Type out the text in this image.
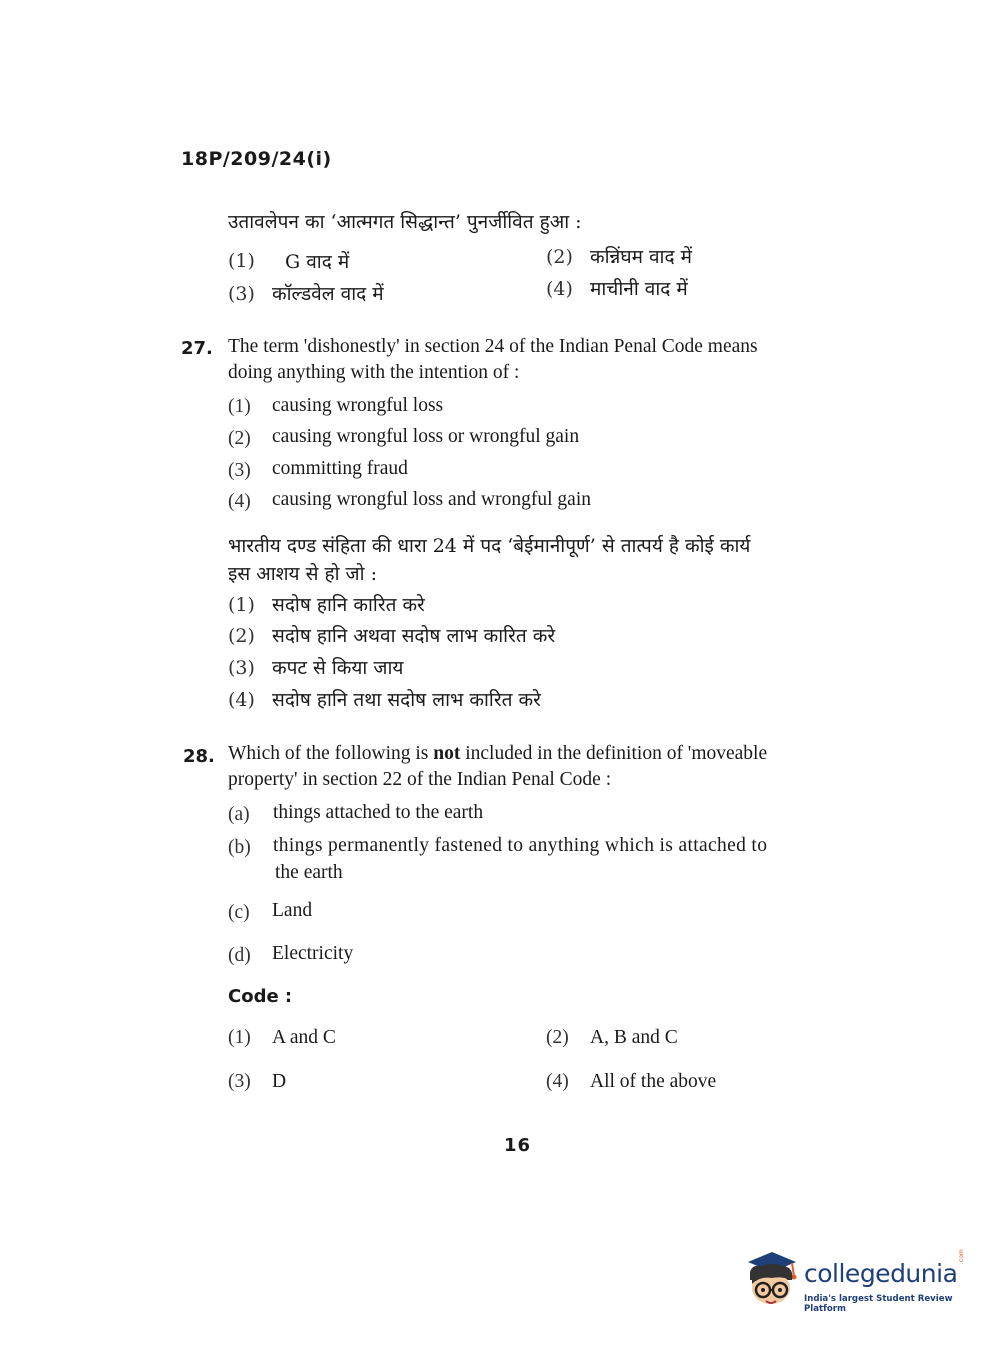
18P/209/24(i)
उतावलेपन का ‘आत्मगत सिद्धान्त’ पुनर्जीवित हुआ :
(1) G वाद में	(2) कन्निंघम वाद में
(3) कॉल्डवेल वाद में	(4) माचीनी वाद में
27. The term 'dishonestly' in section 24 of the Indian Penal Code means
doing anything with the intention of :
(1) causing wrongful loss
(2) causing wrongful loss or wrongful gain
(3) committing fraud
(4) causing wrongful loss and wrongful gain
भारतीय दण्ड संहिता की धारा 24 में पद ‘बेईमानीपूर्ण’ से तात्पर्य है कोई कार्य
इस आशय से हो जो :
(1) सदोष हानि कारित करे
(2) सदोष हानि अथवा सदोष लाभ कारित करे
(3) कपट से किया जाय
(4) सदोष हानि तथा सदोष लाभ कारित करे
28. Which of the following is not included in the definition of 'moveable
property' in section 22 of the Indian Penal Code :
(a) things attached to the earth
(b) things permanently fastened to anything which is attached to
the earth
(c) Land
(d) Electricity
Code :
(1) A and C	(2) A, B and C
(3) D	(4) All of the above
16
collegedunia
.com
India's largest Student Review Platform
